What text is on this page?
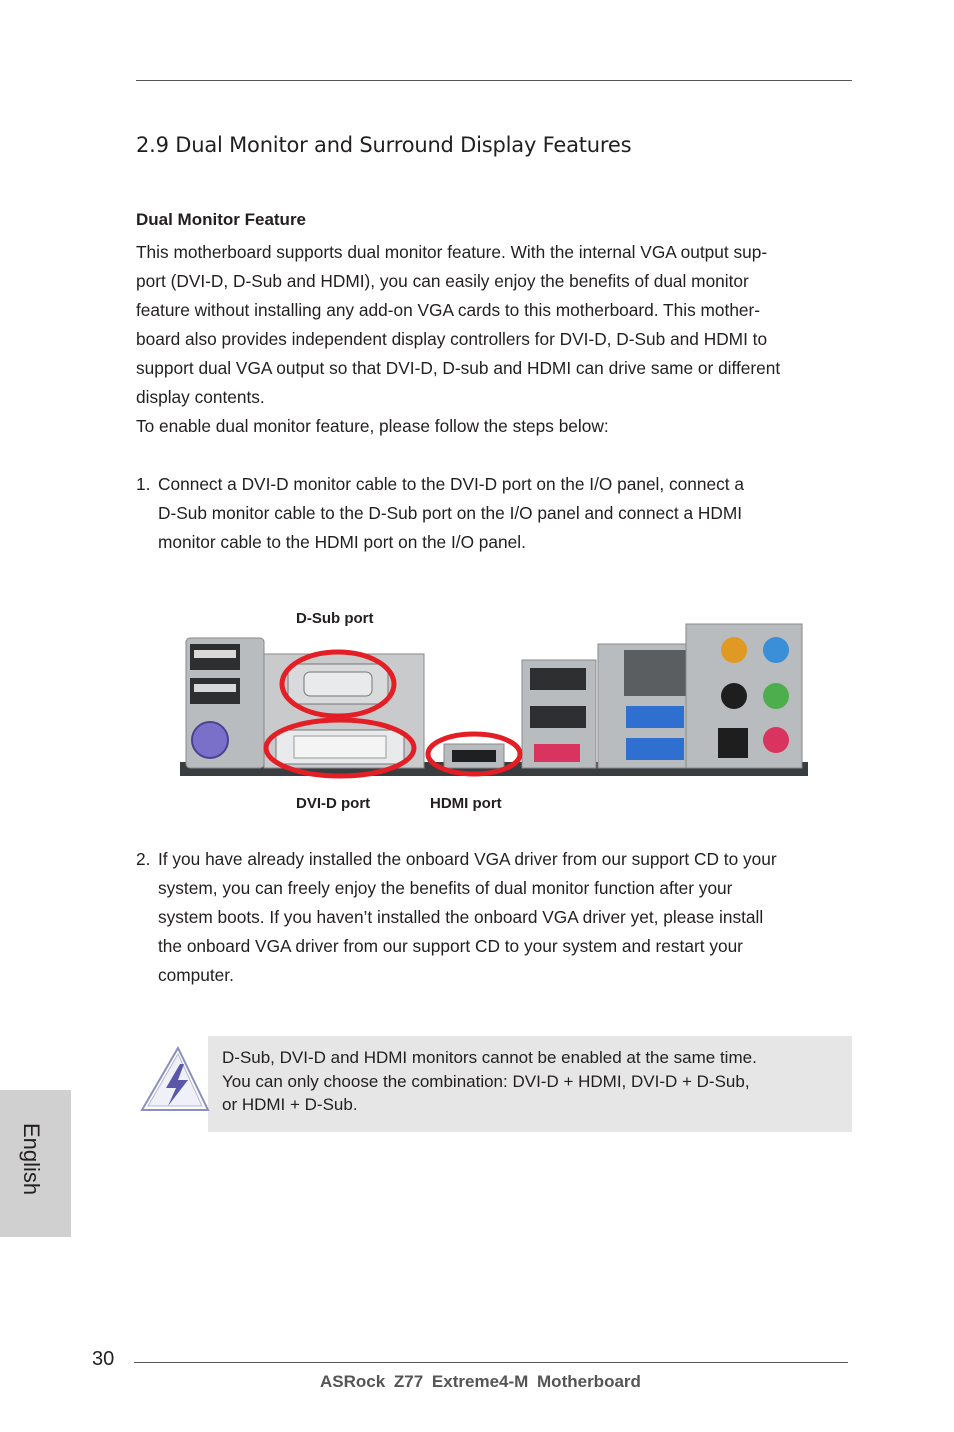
2.9 Dual Monitor and Surround Display Features
Dual Monitor Feature
This motherboard supports dual monitor feature. With the internal VGA output sup-
port (DVI-D, D-Sub and HDMI), you can easily enjoy the benefits of dual monitor
feature without installing any add-on VGA cards to this motherboard. This mother-
board also provides independent display controllers for DVI-D, D-Sub and HDMI to
support dual VGA output so that DVI-D, D-sub and HDMI can drive same or different
display contents.
To enable dual monitor feature, please follow the steps below:
1. Connect a DVI-D monitor cable to the DVI-D port on the I/O panel, connect a
D-Sub monitor cable to the D-Sub port on the I/O panel and connect a HDMI
monitor cable to the HDMI port on the I/O panel.
D-Sub port
DVI-D port	HDMI port
2. If you have already installed the onboard VGA driver from our support CD to your
system, you can freely enjoy the benefits of dual monitor function after your
system boots. If you haven’t installed the onboard VGA driver yet, please install
the onboard VGA driver from our support CD to your system and restart your
computer.
D-Sub, DVI-D and HDMI monitors cannot be enabled at the same time.
You can only choose the combination: DVI-D + HDMI, DVI-D + D-Sub,
or HDMI + D-Sub.
English
30
ASRock Z77 Extreme4-M Motherboard
